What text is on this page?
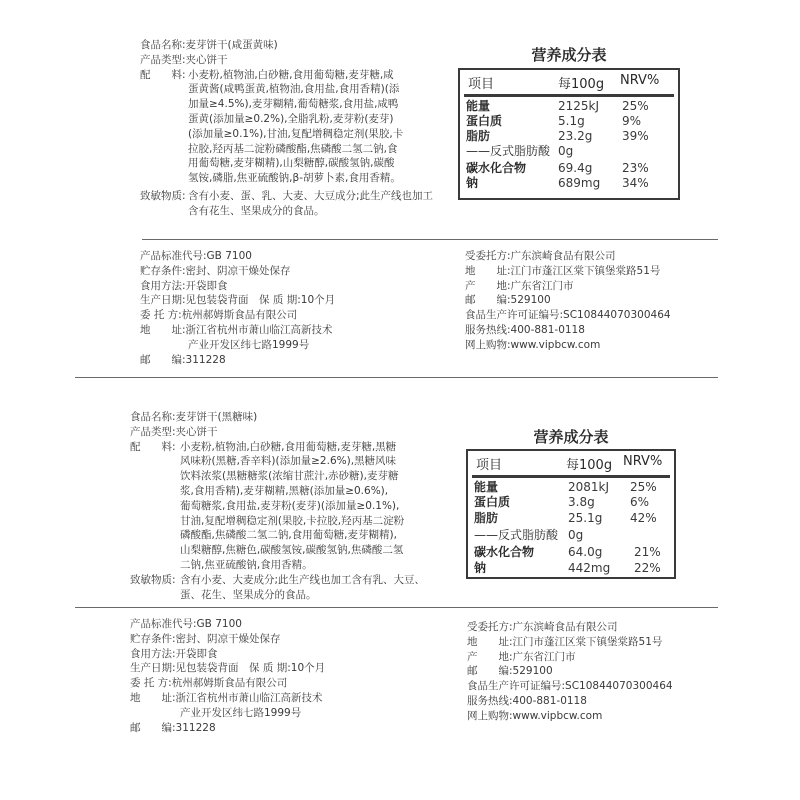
食品名称:麦芽饼干(咸蛋黄味)
产品类型:夹心饼干
配　　料: 小麦粉,植物油,白砂糖,食用葡萄糖,麦芽糖,咸
蛋黄酱(咸鸭蛋黄,植物油,食用盐,食用香精)(添
加量≥4.5%),麦芽糊精,葡萄糖浆,食用盐,咸鸭
蛋黄(添加量≥0.2%),全脂乳粉,麦芽粉(麦芽)
(添加量≥0.1%),甘油,复配增稠稳定剂(果胶,卡
拉胶,羟丙基二淀粉磷酸酯,焦磷酸二氢二钠,食
用葡萄糖,麦芽糊精),山梨糖醇,碳酸氢钠,碳酸
氢铵,磷脂,焦亚硫酸钠,β-胡萝卜素,食用香精。
致敏物质: 含有小麦、蛋、乳、大麦、大豆成分;此生产线也加工
含有花生、坚果成分的食品。
营养成分表
项目	每100g NRV%
能量	2125kJ 25%
蛋白质	5.1g	9%
脂肪	23.2g 39%
——反式脂肪酸 0g
碳水化合物	69.4g 23%
钠	689mg 34%
产品标准代号:GB 7100
贮存条件:密封、阴凉干燥处保存
食用方法:开袋即食
生产日期:见包装袋背面　保 质 期:10个月
委 托 方:杭州郝姆斯食品有限公司
地　　址:浙江省杭州市萧山临江高新技术
产业开发区纬七路1999号
邮　　编:311228
受委托方:广东滨崎食品有限公司
地　　址:江门市蓬江区棠下镇堡棠路51号
产　　地:广东省江门市
邮　　编:529100
食品生产许可证编号:SC10844070300464
服务热线:400-881-0118
网上购物:www.vipbcw.com
食品名称:麦芽饼干(黑糖味)
产品类型:夹心饼干
配　　料: 小麦粉,植物油,白砂糖,食用葡萄糖,麦芽糖,黑糖
风味粉(黑糖,香辛料)(添加量≥2.6%),黑糖风味
饮料浓浆(黑糖糖浆(浓缩甘蔗汁,赤砂糖),麦芽糖
浆,食用香精),麦芽糊精,黑糖(添加量≥0.6%),
葡萄糖浆,食用盐,麦芽粉(麦芽)(添加量≥0.1%),
甘油,复配增稠稳定剂(果胶,卡拉胶,羟丙基二淀粉
磷酸酯,焦磷酸二氢二钠,食用葡萄糖,麦芽糊精),
山梨糖醇,焦糖色,碳酸氢铵,碳酸氢钠,焦磷酸二氢
二钠,焦亚硫酸钠,食用香精。
致敏物质: 含有小麦、大麦成分;此生产线也加工含有乳、大豆、
蛋、花生、坚果成分的食品。
营养成分表
项目	每100g NRV%
能量	2081kJ 25%
蛋白质	3.8g	6%
脂肪	25.1g 42%
——反式脂肪酸 0g
碳水化合物	64.0g	21%
钠	442mg 22%
产品标准代号:GB 7100
贮存条件:密封、阴凉干燥处保存
食用方法:开袋即食
生产日期:见包装袋背面　保 质 期:10个月
委 托 方:杭州郝姆斯食品有限公司
地　　址:浙江省杭州市萧山临江高新技术
产业开发区纬七路1999号
邮　　编:311228
受委托方:广东滨崎食品有限公司
地　　址:江门市蓬江区棠下镇堡棠路51号
产　　地:广东省江门市
邮　　编:529100
食品生产许可证编号:SC10844070300464
服务热线:400-881-0118
网上购物:www.vipbcw.com
